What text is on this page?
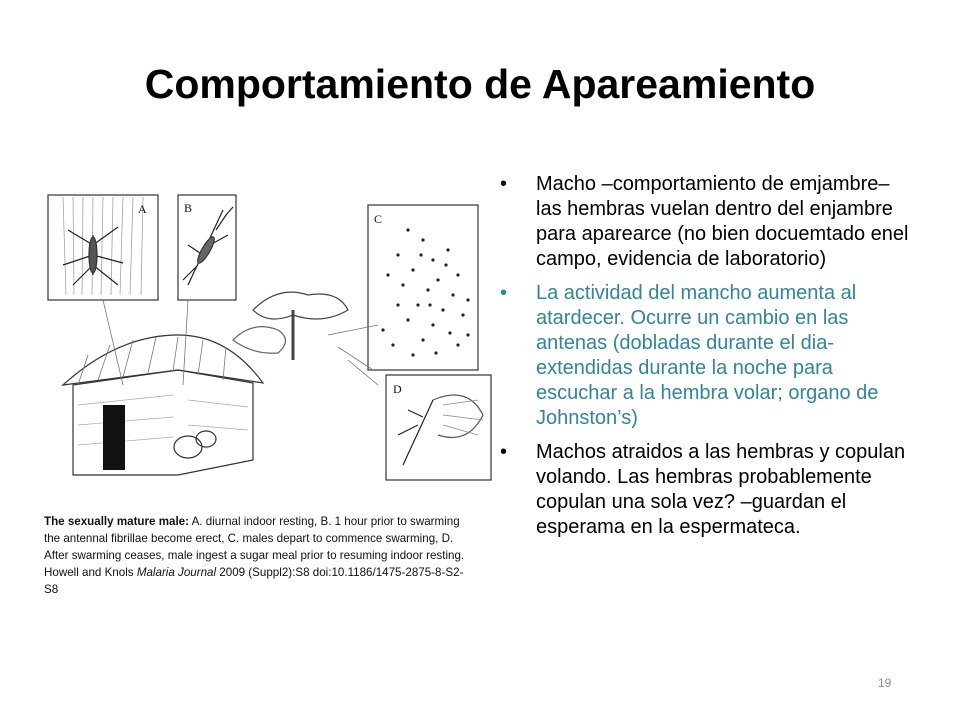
Comportamiento de Apareamiento
A	B
C
D
The sexually mature male: A. diurnal indoor resting, B. 1 hour prior to swarming the antennal fibrillae become erect, C. males depart to commence swarming, D. After swarming ceases, male ingest a sugar meal prior to resuming indoor resting.
Howell and Knols Malaria Journal 2009 (Suppl2):S8 doi:10.1186/1475-2875-8-S2-S8
• Macho –comportamiento de emjambre– las hembras vuelan dentro del enjambre para aparearce (no bien docuemtado enel campo, evidencia de laboratorio)
• La actividad del mancho aumenta al atardecer. Ocurre un cambio en las antenas (dobladas durante el dia- extendidas durante la noche para escuchar a la hembra volar; organo de Johnston’s)
• Machos atraidos a las hembras y copulan volando. Las hembras probablemente copulan una sola vez? –guardan el esperama en la espermateca.
19
